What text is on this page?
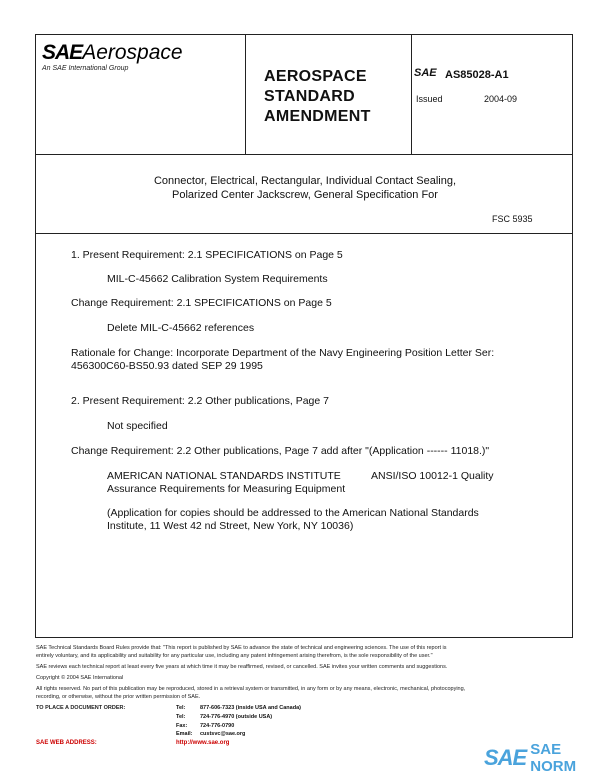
SAEAerospace
An SAE International Group	AEROSPACE
STANDARD
AMENDMENT
SAE AS85028-A1
Issued	2004-09
Connector, Electrical, Rectangular, Individual Contact Sealing,
Polarized Center Jackscrew, General Specification For
FSC 5935
1. Present Requirement: 2.1 SPECIFICATIONS on Page 5
MIL-C-45662 Calibration System Requirements
Change Requirement: 2.1 SPECIFICATIONS on Page 5
Delete MIL-C-45662 references
Rationale for Change: Incorporate Department of the Navy Engineering Position Letter Ser:
456300C60-BS50.93 dated SEP 29 1995
2. Present Requirement: 2.2 Other publications, Page 7
Not specified
Change Requirement: 2.2 Other publications, Page 7 add after "(Application ------ 11018.)"
AMERICAN NATIONAL STANDARDS INSTITUTE	ANSI/ISO 10012-1 Quality
Assurance Requirements for Measuring Equipment
(Application for copies should be addressed to the American National Standards
Institute, 11 West 42 nd Street, New York, NY 10036)
SAE Technical Standards Board Rules provide that: "This report is published by SAE to advance the state of technical and engineering sciences. The use of this report is
entirely voluntary, and its applicability and suitability for any particular use, including any patent infringement arising therefrom, is the sole responsibility of the user."
SAE reviews each technical report at least every five years at which time it may be reaffirmed, revised, or cancelled. SAE invites your written comments and suggestions.
Copyright © 2004 SAE International
All rights reserved. No part of this publication may be reproduced, stored in a retrieval system or transmitted, in any form or by any means, electronic, mechanical, photocopying,
recording, or otherwise, without the prior written permission of SAE.
TO PLACE A DOCUMENT ORDER:	Tel:	877-606-7323 (inside USA and Canada)
Tel:	724-776-4970 (outside USA)
Fax: 724-776-0790
Email: custsvc@sae.org
SAE WEB ADDRESS:	http://www.sae.org
SAE SAE NORM
